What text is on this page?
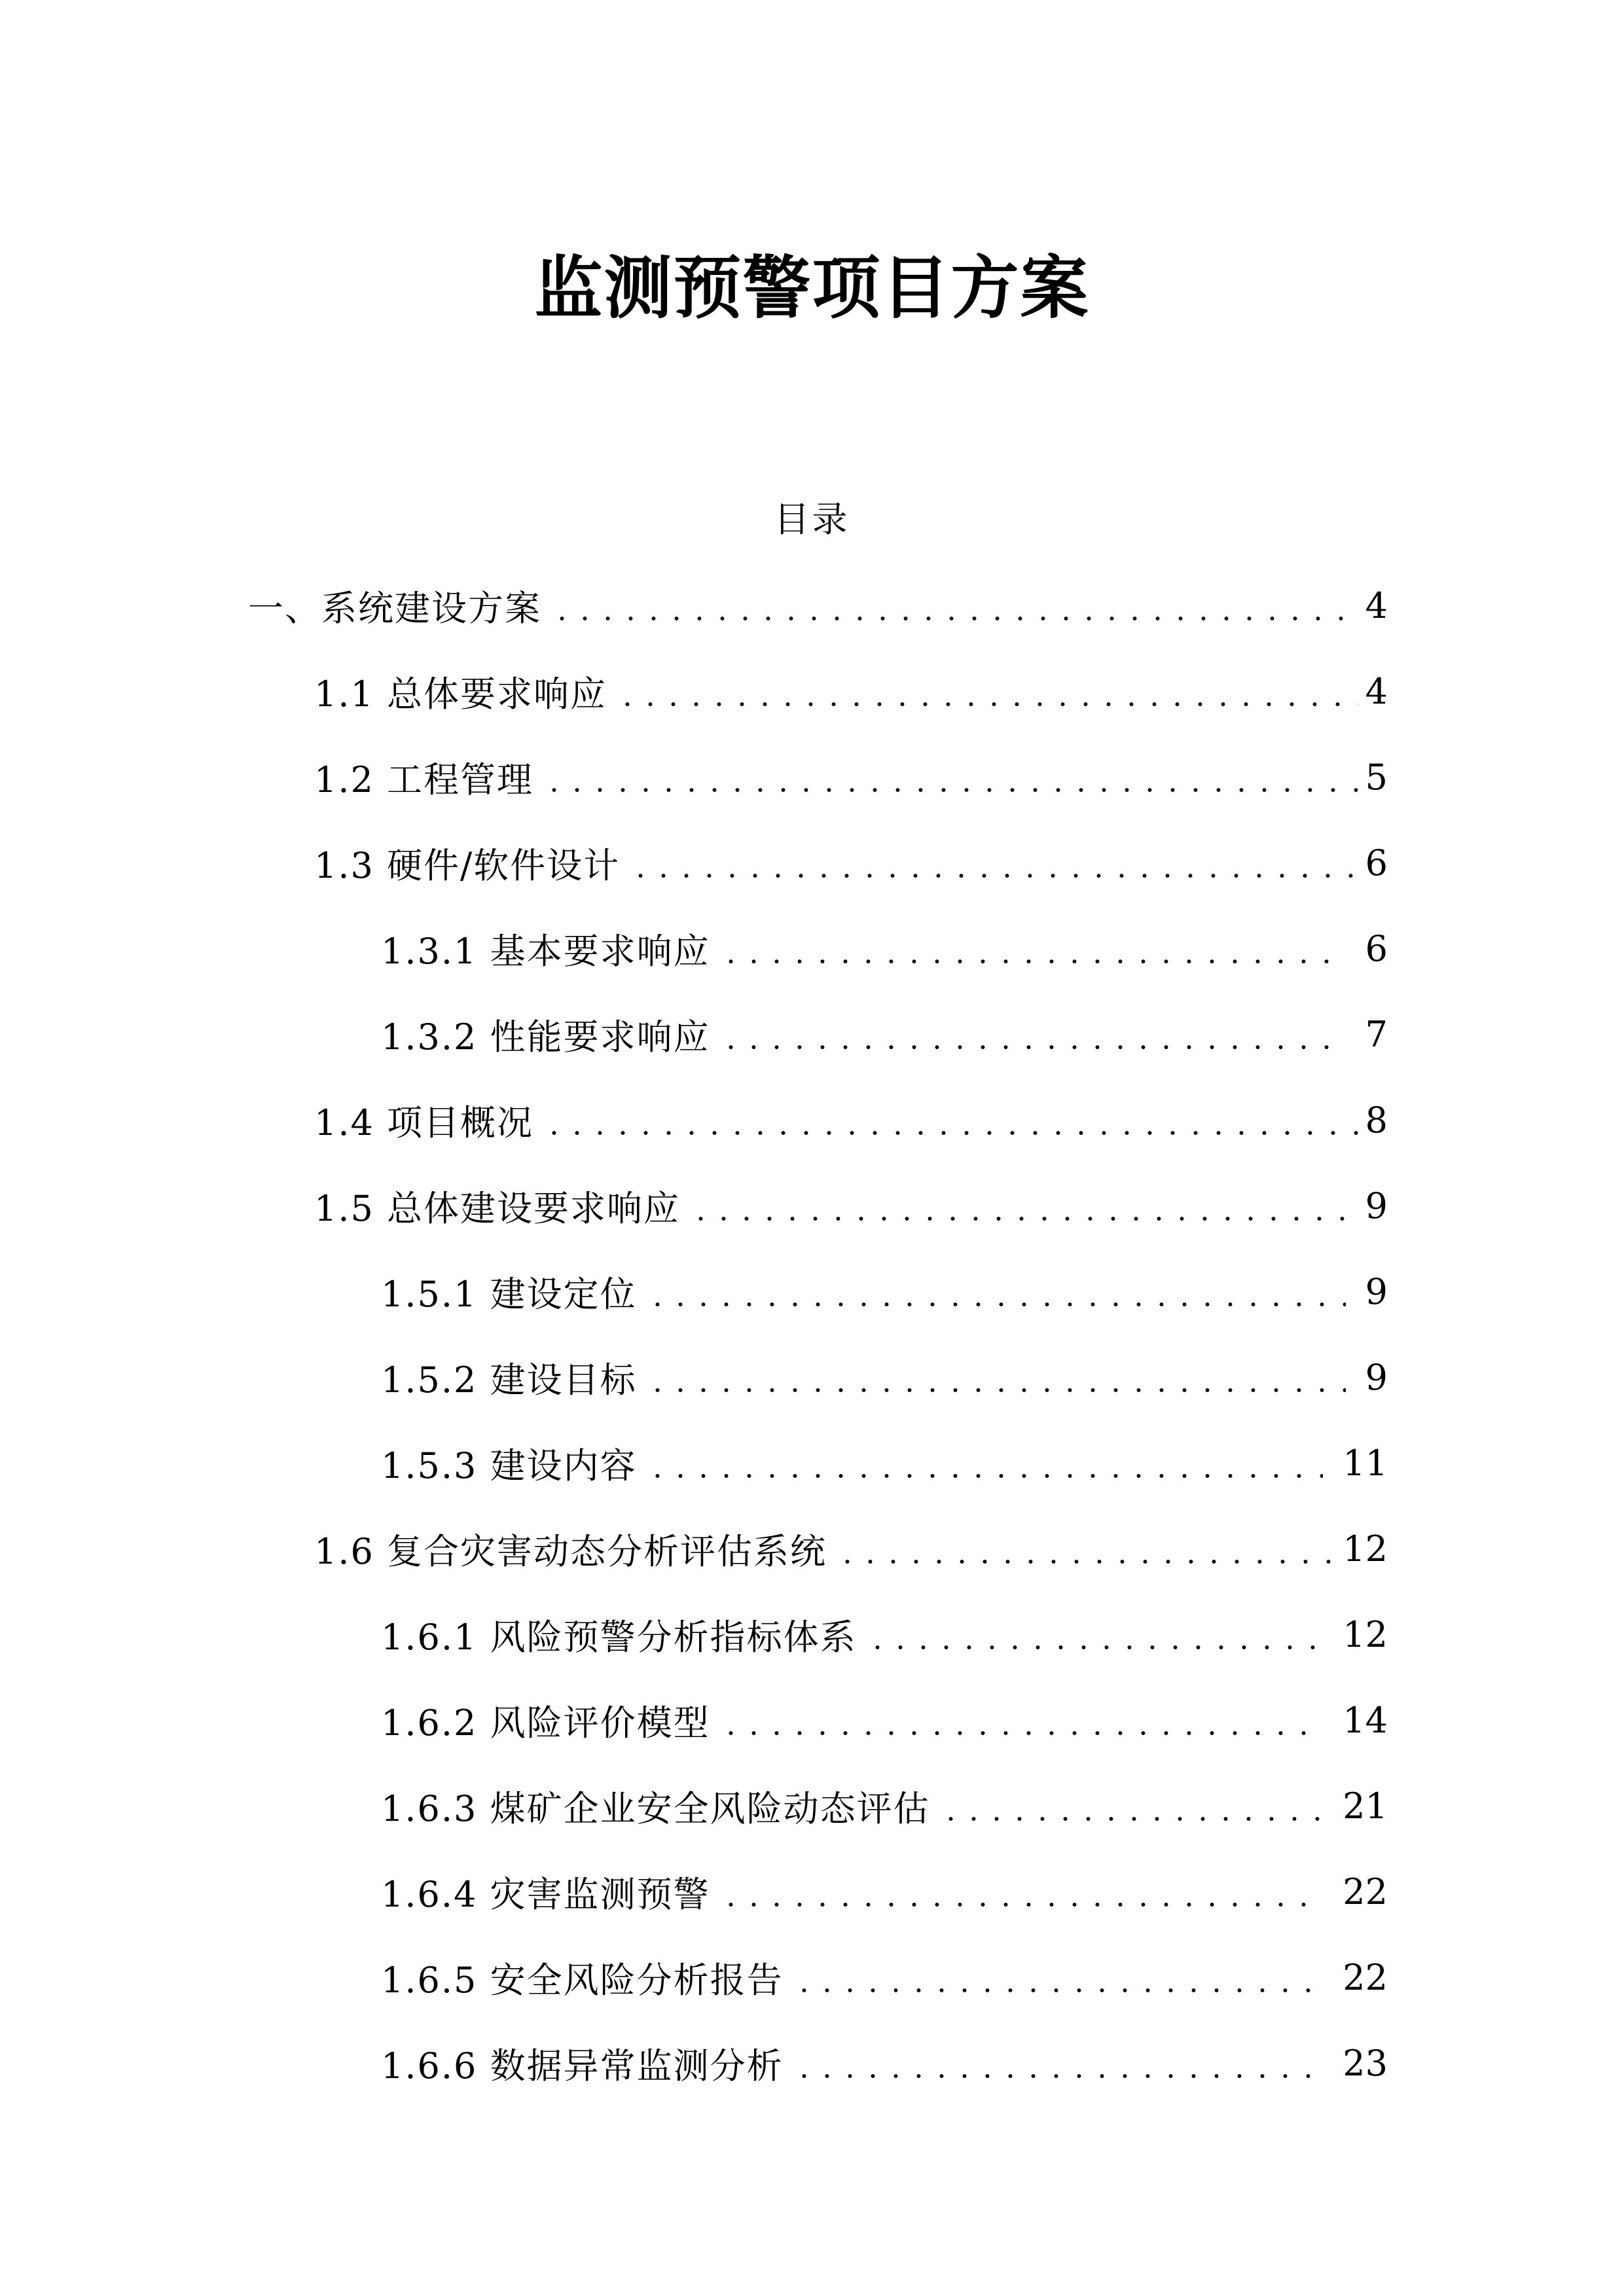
监测预警项目方案
目录
一、系统建设方案	4
1.1 总体要求响应	4
1.2 工程管理	5
1.3 硬件/软件设计	6
1.3.1 基本要求响应	6
1.3.2 性能要求响应	7
1.4 项目概况	8
1.5 总体建设要求响应	9
1.5.1 建设定位	9
1.5.2 建设目标	9
1.5.3 建设内容	11
1.6 复合灾害动态分析评估系统	12
1.6.1 风险预警分析指标体系	12
1.6.2 风险评价模型	14
1.6.3 煤矿企业安全风险动态评估	21
1.6.4 灾害监测预警	22
1.6.5 安全风险分析报告	22
1.6.6 数据异常监测分析	23
